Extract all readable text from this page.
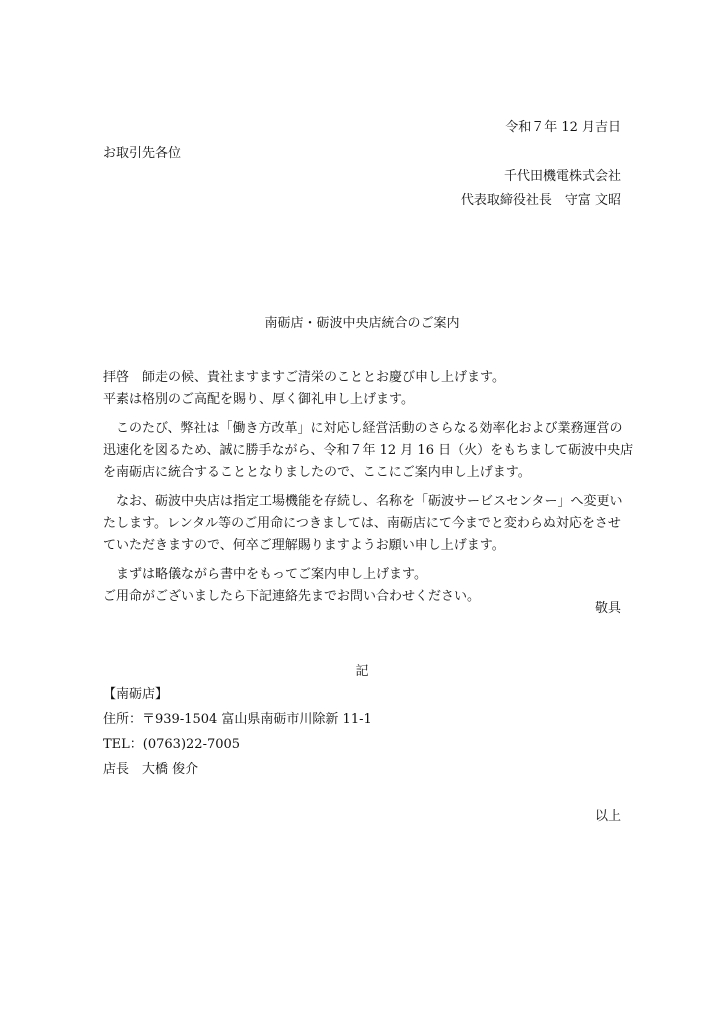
令和７年 12 月吉日
お取引先各位
千代田機電株式会社
代表取締役社長　守富 文昭
南砺店・砺波中央店統合のご案内
拝啓　師走の候、貴社ますますご清栄のこととお慶び申し上げます。
平素は格別のご高配を賜り、厚く御礼申し上げます。
このたび、弊社は「働き方改革」に対応し経営活動のさらなる効率化および業務運営の
迅速化を図るため、誠に勝手ながら、令和７年 12 月 16 日（火）をもちまして砺波中央店
を南砺店に統合することとなりましたので、ここにご案内申し上げます。
なお、砺波中央店は指定工場機能を存続し、名称を「砺波サービスセンター」へ変更い
たします。レンタル等のご用命につきましては、南砺店にて今までと変わらぬ対応をさせ
ていただきますので、何卒ご理解賜りますようお願い申し上げます。
まずは略儀ながら書中をもってご案内申し上げます。
ご用命がございましたら下記連絡先までお問い合わせください。
敬具
記
【南砺店】
住所：〒939-1504 富山県南砺市川除新 11-1
TEL：(0763)22-7005
店長　大橋 俊介
以上
